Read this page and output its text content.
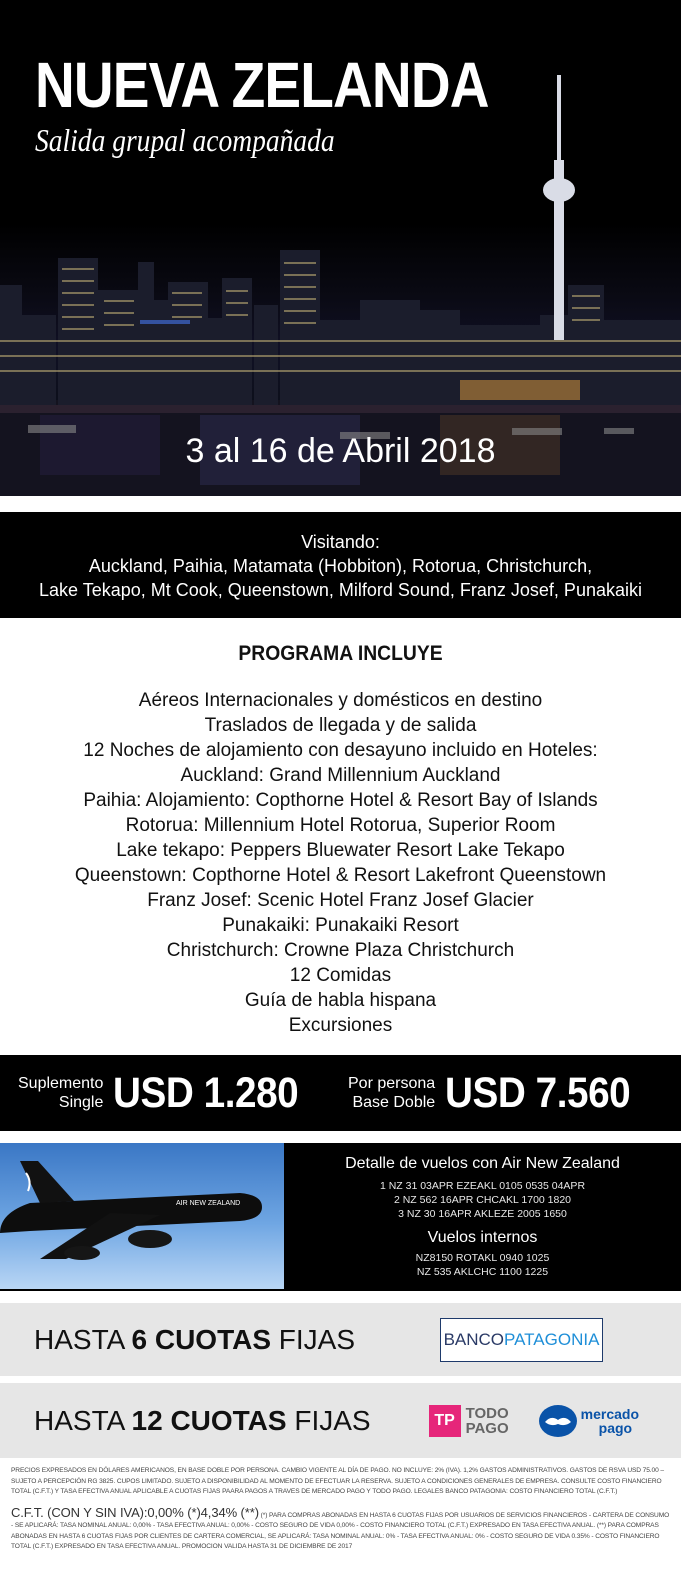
NUEVA ZELANDA
Salida grupal acompañada
3 al 16 de Abril 2018
Visitando:
Auckland, Paihia, Matamata (Hobbiton), Rotorua, Christchurch,
Lake Tekapo, Mt Cook, Queenstown, Milford Sound, Franz Josef, Punakaiki
PROGRAMA INCLUYE
Aéreos Internacionales y domésticos en destino
Traslados de llegada y de salida
12 Noches de alojamiento con desayuno incluido en Hoteles:
Auckland: Grand Millennium Auckland
Paihia: Alojamiento: Copthorne Hotel & Resort Bay of Islands
Rotorua: Millennium Hotel Rotorua, Superior Room
Lake tekapo: Peppers Bluewater Resort Lake Tekapo
Queenstown: Copthorne Hotel & Resort Lakefront Queenstown
Franz Josef: Scenic Hotel Franz Josef Glacier
Punakaiki: Punakaiki Resort
Christchurch: Crowne Plaza Christchurch
12 Comidas
Guía de habla hispana
Excursiones
Suplemento
Single USD 1.280	Por persona
Base Doble USD 7.560
AIR NEW ZEALAND
Detalle de vuelos con Air New Zealand
1 NZ 31 03APR EZEAKL 0105 0535 04APR
2 NZ 562 16APR CHCAKL 1700 1820
3 NZ 30 16APR AKLEZE 2005 1650
Vuelos internos
NZ8150 ROTAKL 0940 1025
NZ 535 AKLCHC 1100 1225
HASTA 6 CUOTAS FIJAS	BANCO PATAGONIA
HASTA 12 CUOTAS FIJAS	TP TODO
PAGO
mercado
pago

PRECIOS EXPRESADOS EN DÓLARES AMERICANOS, EN BASE DOBLE POR PERSONA. CAMBIO VIGENTE AL DÍA DE PAGO. NO INCLUYE: 2% (IVA). 1,2% GASTOS ADMINISTRATIVOS. GASTOS DE RSVA USD 75.00 – SUJETO A PERCEPCIÓN RG 3825. CUPOS LIMITADO. SUJETO A DISPONIBILIDAD AL MOMENTO DE EFECTUAR LA RESERVA. SUJETO A CONDICIONES GENERALES DE EMPRESA. CONSULTE COSTO FINANCIERO TOTAL (C.F.T.) Y TASA EFECTIVA ANUAL APLICABLE A CUOTAS FIJAS PAARA PAGOS A TRAVES DE MERCADO PAGO Y TODO PAGO. LEGALES BANCO PATAGONIA: COSTO FINANCIERO TOTAL (C.F.T.)

C.F.T. (CON Y SIN IVA):0,00% (*)4,34% (**) (*) PARA COMPRAS ABONADAS EN HASTA 6 CUOTAS FIJAS POR USUARIOS DE SERVICIOS FINANCIEROS - CARTERA DE CONSUMO - SE APLICARÁ: TASA NOMINAL ANUAL: 0,00% - TASA EFECTIVA ANUAL: 0,00% - COSTO SEGURO DE VIDA 0,00% - COSTO FINANCIERO TOTAL (C.F.T.) EXPRESADO EN TASA EFECTIVA ANUAL. (**) PARA COMPRAS ABONADAS EN HASTA 6 CUOTAS FIJAS POR CLIENTES DE CARTERA COMERCIAL, SE APLICARÁ: TASA NOMINAL ANUAL: 0% - TASA EFECTIVA ANUAL: 0% - COSTO SEGURO DE VIDA 0.35% - COSTO FINANCIERO TOTAL (C.F.T.) EXPRESADO EN TASA EFECTIVA ANUAL. PROMOCION VALIDA HASTA 31 DE DICIEMBRE DE 2017
